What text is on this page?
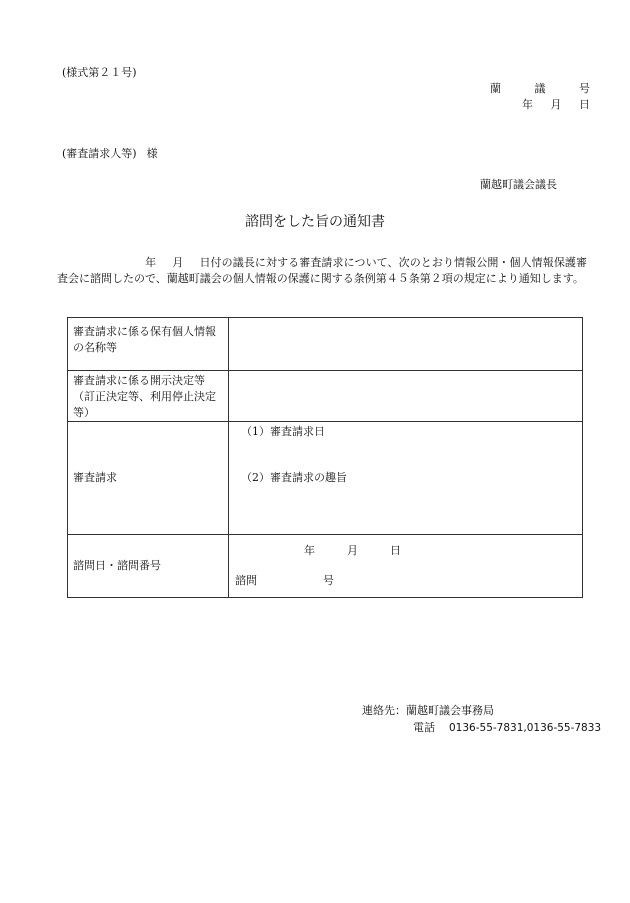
(様式第２１号)
蘭	議	号
年 月 日
(審査請求人等) 様
蘭越町議会議長
諮問をした旨の通知書
年 月 日付の議長に対する審査請求について、次のとおり情報公開・個人情報保護審査会に諮問したので、蘭越町議会の個人情報の保護に関する条例第４５条第２項の規定により通知します。
審査請求に係る保有個人情報の名称等	
審査請求に係る開示決定等（訂正決定等、利用停止決定等）	
審査請求	（1）審査請求日
（2）審査請求の趣旨

諮問日・諮問番号	年 月 日
諮問 号
連絡先：蘭越町議会事務局
電話 0136-55-7831,0136-55-7833
